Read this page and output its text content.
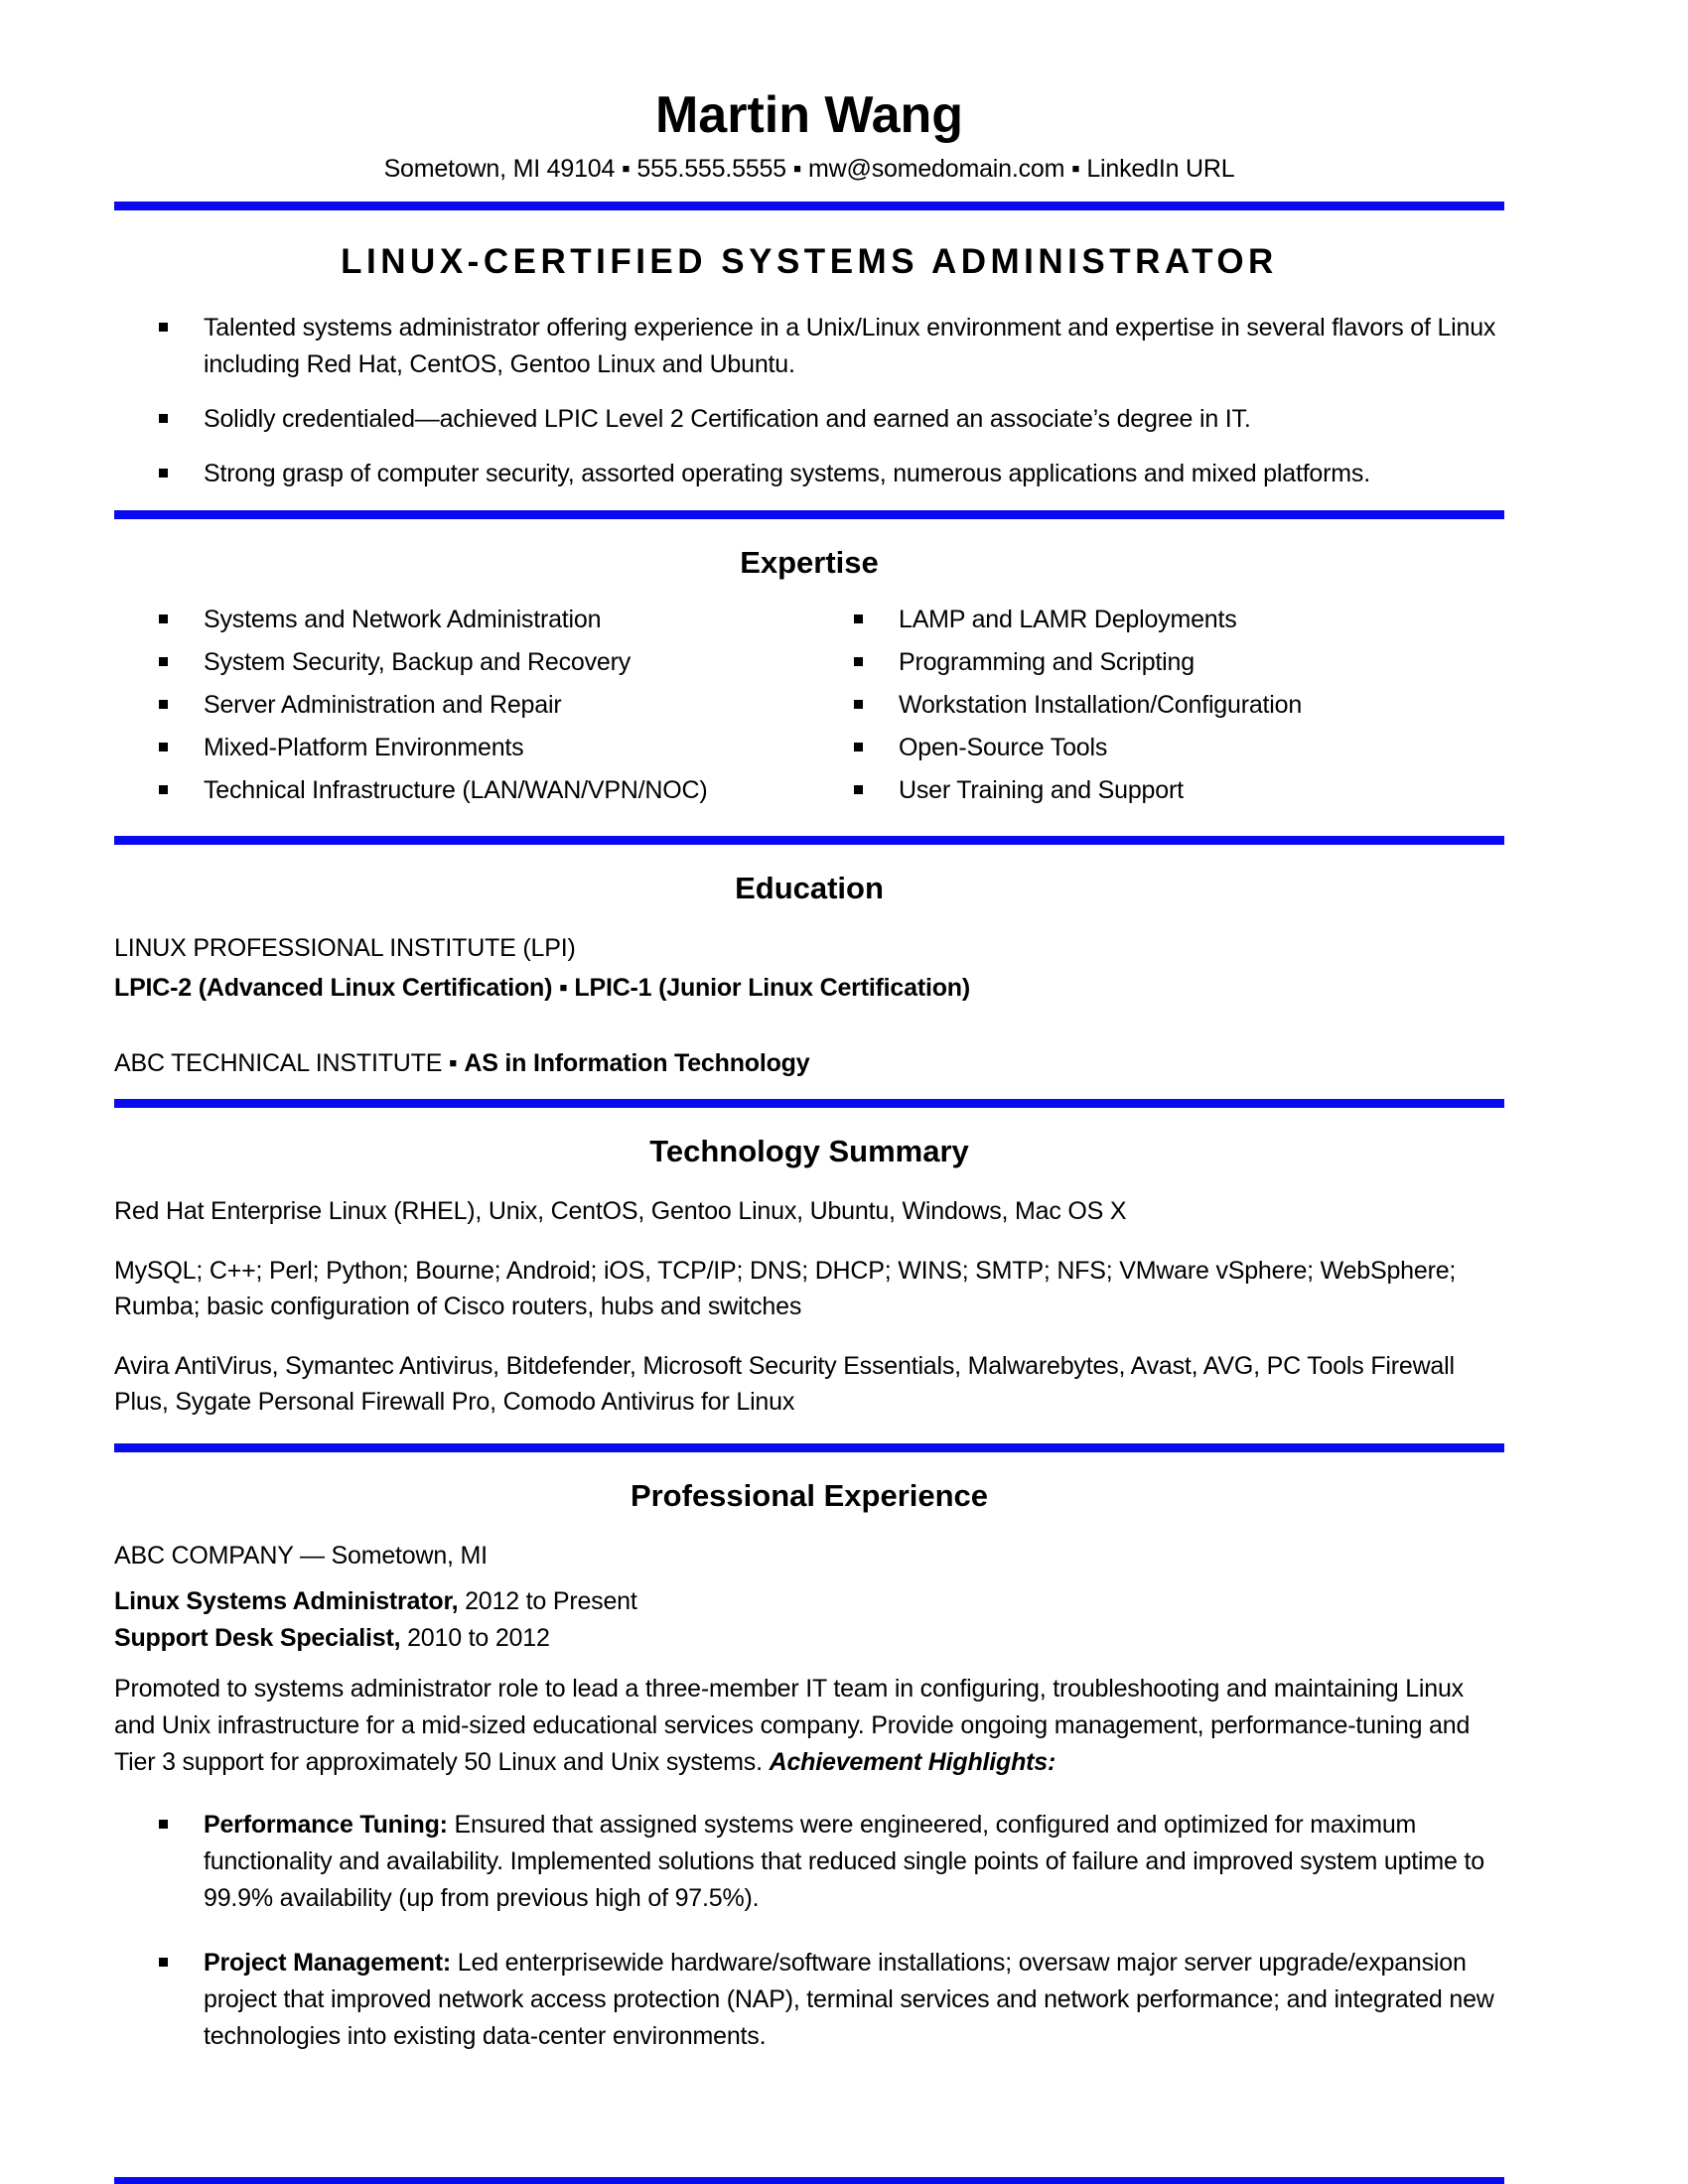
Martin Wang
Sometown, MI 49104 ▪ 555.555.5555 ▪ mw@somedomain.com ▪ LinkedIn URL
LINUX-CERTIFIED SYSTEMS ADMINISTRATOR
Talented systems administrator offering experience in a Unix/Linux environment and expertise in several flavors of Linux including Red Hat, CentOS, Gentoo Linux and Ubuntu.
Solidly credentialed—achieved LPIC Level 2 Certification and earned an associate’s degree in IT.
Strong grasp of computer security, assorted operating systems, numerous applications and mixed platforms.
Expertise
Systems and Network Administration
System Security, Backup and Recovery
Server Administration and Repair
Mixed-Platform Environments
Technical Infrastructure (LAN/WAN/VPN/NOC)
LAMP and LAMR Deployments
Programming and Scripting
Workstation Installation/Configuration
Open-Source Tools
User Training and Support
Education

LINUX PROFESSIONAL INSTITUTE (LPI)

LPIC-2 (Advanced Linux Certification) ▪ LPIC-1 (Junior Linux Certification)

ABC TECHNICAL INSTITUTE ▪ AS in Information Technology

Technology Summary

Red Hat Enterprise Linux (RHEL), Unix, CentOS, Gentoo Linux, Ubuntu, Windows, Mac OS X

MySQL; C++; Perl; Python; Bourne; Android; iOS, TCP/IP; DNS; DHCP; WINS; SMTP; NFS; VMware vSphere; WebSphere; Rumba; basic configuration of Cisco routers, hubs and switches

Avira AntiVirus, Symantec Antivirus, Bitdefender, Microsoft Security Essentials, Malwarebytes, Avast, AVG, PC Tools Firewall Plus, Sygate Personal Firewall Pro, Comodo Antivirus for Linux

Professional Experience

ABC COMPANY — Sometown, MI

Linux Systems Administrator, 2012 to Present

Support Desk Specialist, 2010 to 2012

Promoted to systems administrator role to lead a three-member IT team in configuring, troubleshooting and maintaining Linux and Unix infrastructure for a mid-sized educational services company. Provide ongoing management, performance-tuning and Tier 3 support for approximately 50 Linux and Unix systems. Achievement Highlights:

Performance Tuning: Ensured that assigned systems were engineered, configured and optimized for maximum functionality and availability. Implemented solutions that reduced single points of failure and improved system uptime to 99.9% availability (up from previous high of 97.5%).
Project Management: Led enterprisewide hardware/software installations; oversaw major server upgrade/expansion project that improved network access protection (NAP), terminal services and network performance; and integrated new technologies into existing data-center environments.
